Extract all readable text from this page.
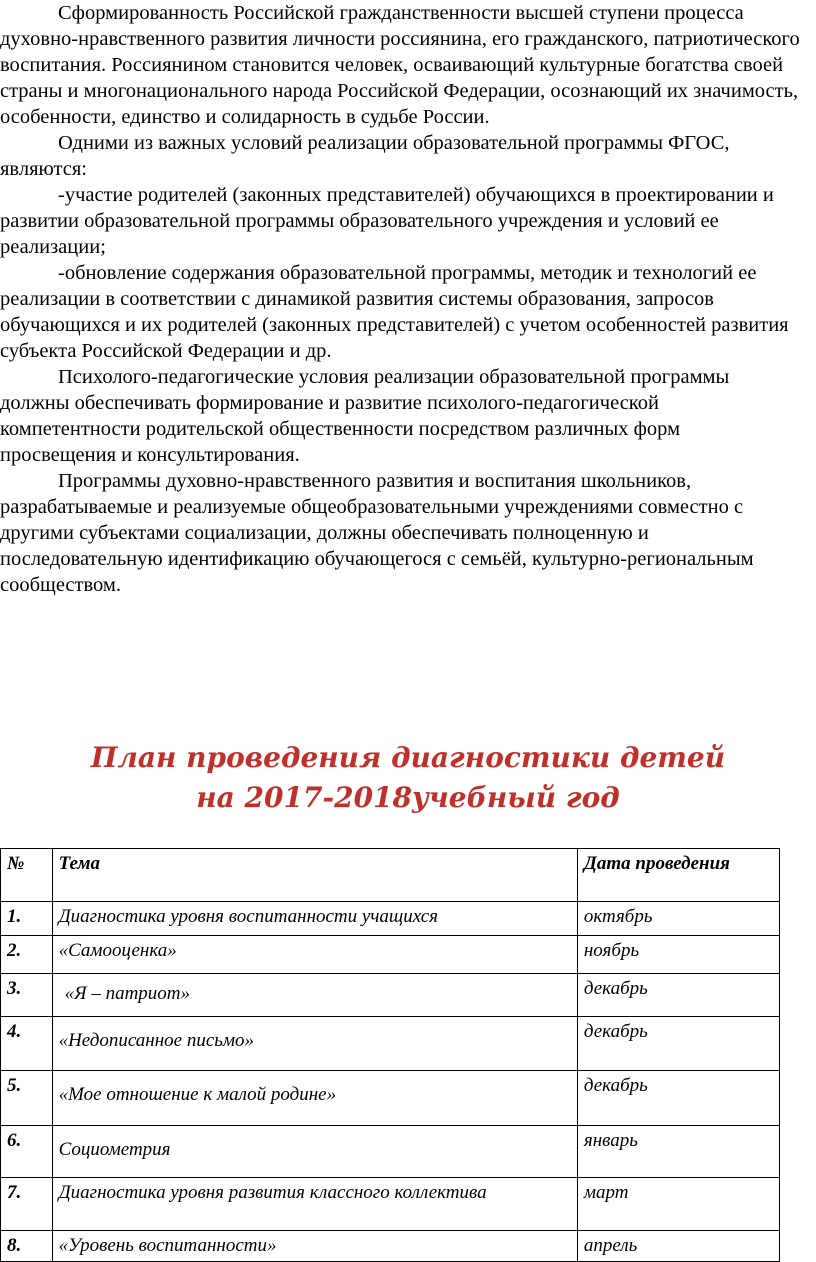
Сформированность Российской гражданственности высшей ступени процесса духовно-нравственного развития личности россиянина, его гражданского, патриотического воспитания. Россиянином становится человек, осваивающий культурные богатства своей страны и многонационального народа Российской Федерации, осознающий их значимость, особенности, единство и солидарность в судьбе России.

Одними из важных условий реализации образовательной программы ФГОС, являются:

-участие родителей (законных представителей) обучающихся в проектировании и развитии образовательной программы образовательного учреждения и условий ее реализации;

-обновление содержания образовательной программы, методик и технологий ее реализации в соответствии с динамикой развития системы образования, запросов обучающихся и их родителей (законных представителей) с учетом особенностей развития субъекта Российской Федерации и др.

Психолого-педагогические условия реализации образовательной программы должны обеспечивать формирование и развитие психолого-педагогической компетентности родительской общественности посредством различных форм просвещения и консультирования.

Программы духовно-нравственного развития и воспитания школьников, разрабатываемые и реализуемые общеобразовательными учреждениями совместно с другими субъектами социализации, должны обеспечивать полноценную и последовательную идентификацию обучающегося с семьёй, культурно-региональным сообществом.

План проведения диагностики детей
на 2017-2018учебный год
№	Тема	Дата проведения
1.	Диагностика уровня воспитанности учащихся	октябрь
2.	«Самооценка»	ноябрь
3.	«Я – патриот»	декабрь
4.	«Недописанное письмо»	декабрь
5.	«Мое отношение к малой родине»	декабрь
6.	Социометрия	январь
7.	Диагностика уровня развития классного коллектива	март
8.	«Уровень воспитанности»	апрель
